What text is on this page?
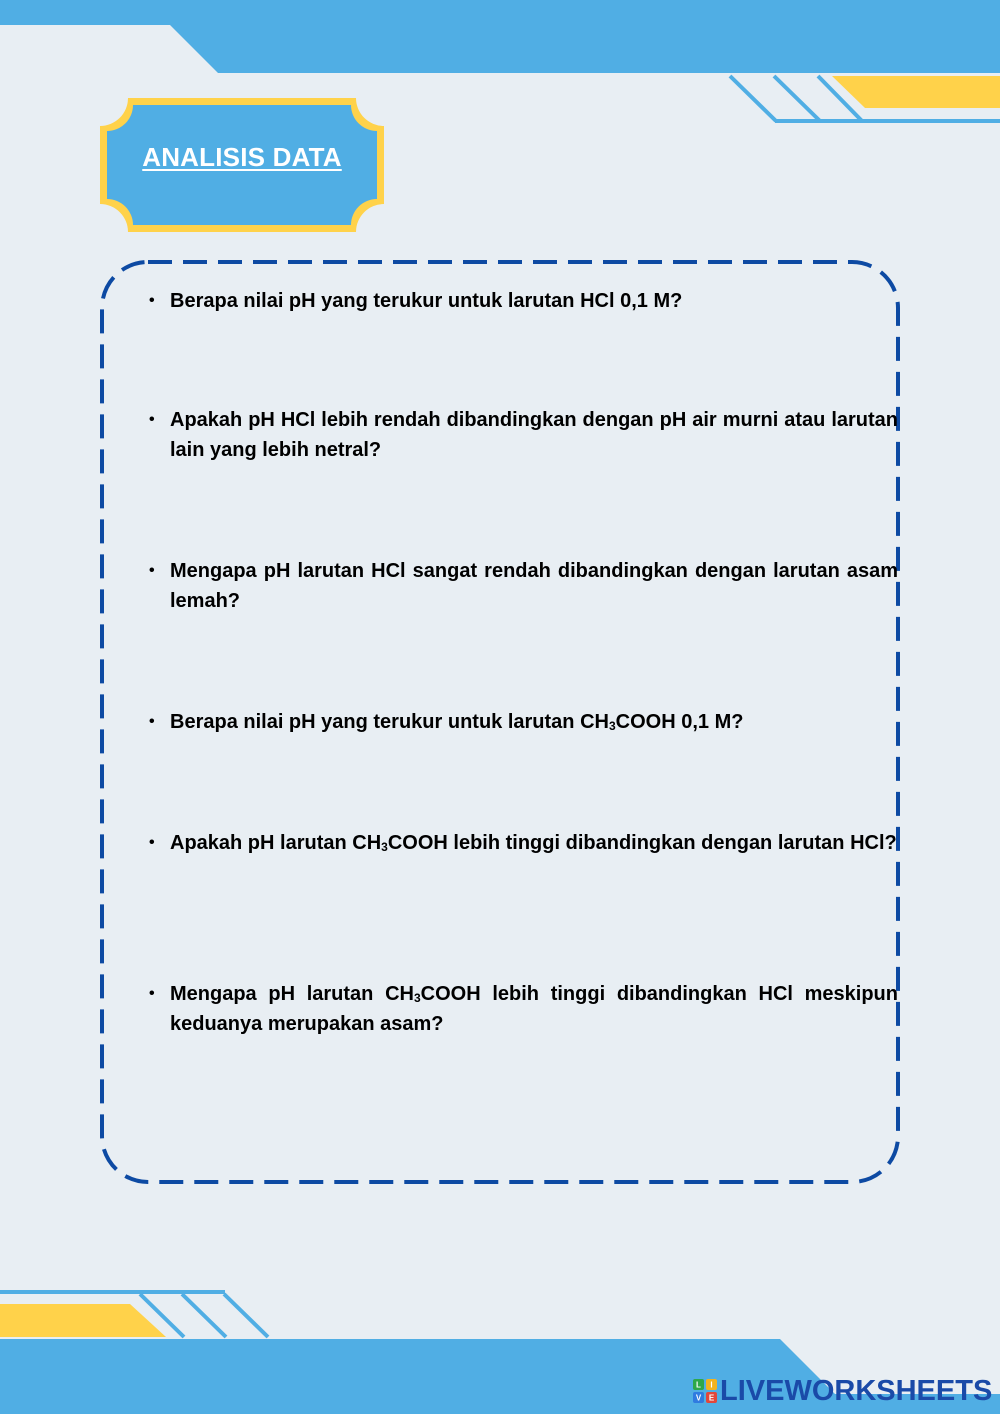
ANALISIS DATA
• Berapa nilai pH yang terukur untuk larutan HCl 0,1 M?
• Apakah pH HCl lebih rendah dibandingkan dengan pH air murni atau larutan lain yang lebih netral?
• Mengapa pH larutan HCl sangat rendah dibandingkan dengan larutan asam lemah?
• Berapa nilai pH yang terukur untuk larutan $CH_3COOH$ 0,1 M?
• Apakah pH larutan $CH_3COOH$ lebih tinggi dibandingkan dengan larutan HCl?
• Mengapa pH larutan $CH_3COOH$ lebih tinggi dibandingkan HCl meskipun keduanya merupakan asam?
L I
V E LIVEWORKSHEETS
